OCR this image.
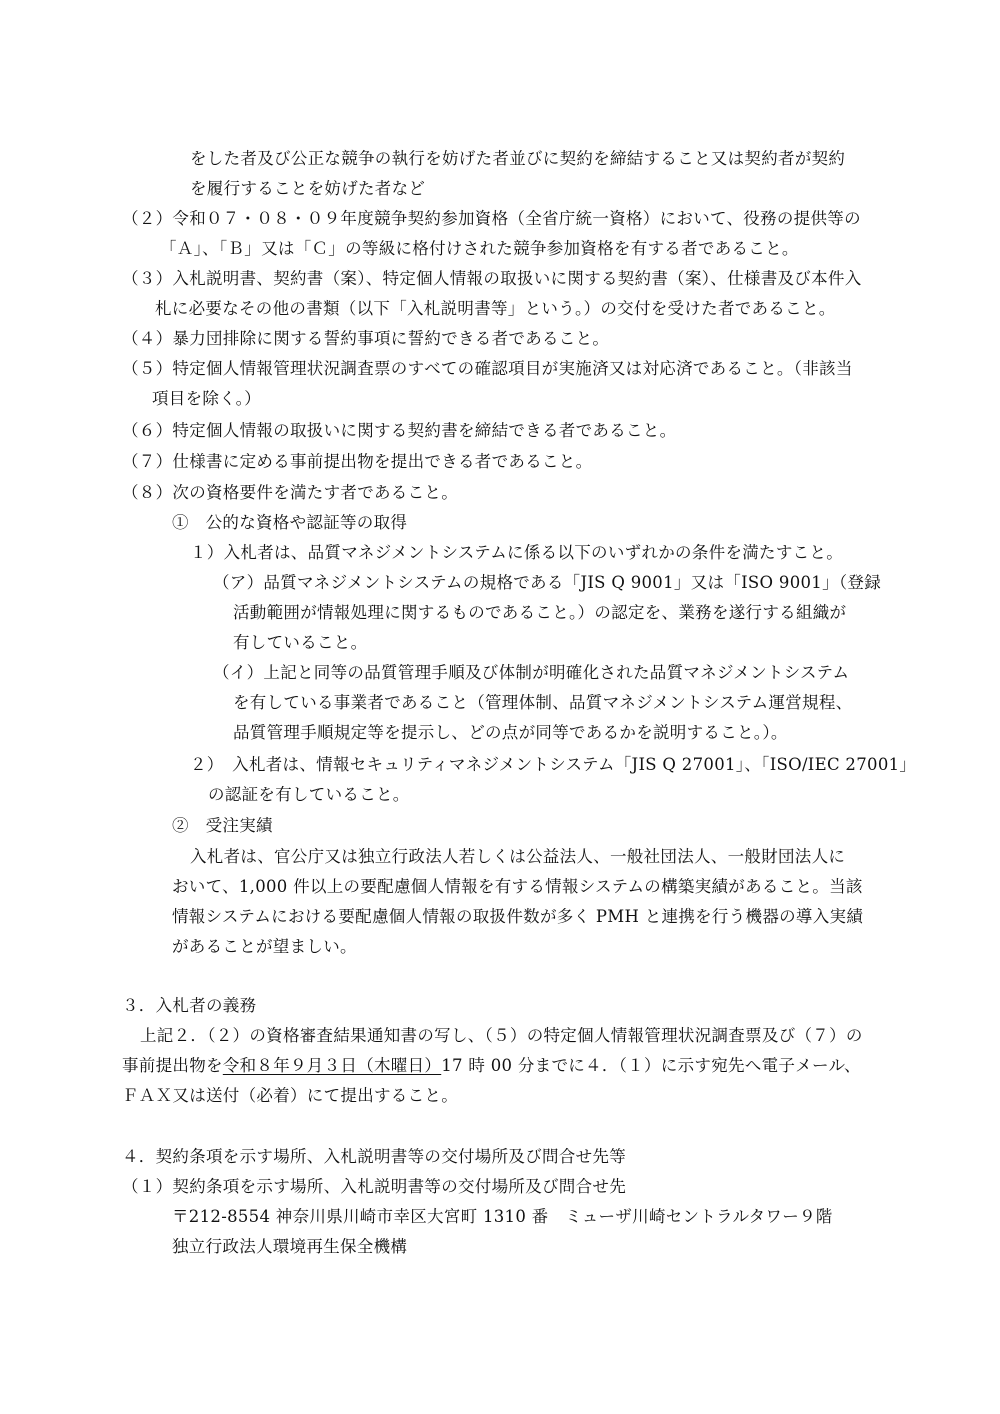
をした者及び公正な競争の執行を妨げた者並びに契約を締結すること又は契約者が契約
を履行することを妨げた者など
（２）令和０７・０８・０９年度競争契約参加資格（全省庁統一資格）において、役務の提供等の
「Ａ」、「Ｂ」又は「Ｃ」の等級に格付けされた競争参加資格を有する者であること。
（３）入札説明書、契約書（案）、特定個人情報の取扱いに関する契約書（案）、仕様書及び本件入
札に必要なその他の書類（以下「入札説明書等」という。）の交付を受けた者であること。
（４）暴力団排除に関する誓約事項に誓約できる者であること。
（５）特定個人情報管理状況調査票のすべての確認項目が実施済又は対応済であること。（非該当
項目を除く。）
（６）特定個人情報の取扱いに関する契約書を締結できる者であること。
（７）仕様書に定める事前提出物を提出できる者であること。
（８）次の資格要件を満たす者であること。
①　公的な資格や認証等の取得
１）入札者は、品質マネジメントシステムに係る以下のいずれかの条件を満たすこと。
（ア）品質マネジメントシステムの規格である「JIS Q 9001」又は「ISO 9001」（登録
活動範囲が情報処理に関するものであること。）の認定を、業務を遂行する組織が
有していること。
（イ）上記と同等の品質管理手順及び体制が明確化された品質マネジメントシステム
を有している事業者であること（管理体制、品質マネジメントシステム運営規程、
品質管理手順規定等を提示し、どの点が同等であるかを説明すること。）。
２）　入札者は、情報セキュリティマネジメントシステム「JIS Q 27001」、「ISO/IEC 27001」
の認証を有していること。
②　受注実績
入札者は、官公庁又は独立行政法人若しくは公益法人、一般社団法人、一般財団法人に
おいて、1,000 件以上の要配慮個人情報を有する情報システムの構築実績があること。当該
情報システムにおける要配慮個人情報の取扱件数が多く PMH と連携を行う機器の導入実績
があることが望ましい。
３．入札者の義務
上記２．（２）の資格審査結果通知書の写し、（５）の特定個人情報管理状況調査票及び（７）の
事前提出物を令和８年９月３日（木曜日）17 時 00 分までに４．（１）に示す宛先へ電子メール、
ＦＡＸ又は送付（必着）にて提出すること。
４．契約条項を示す場所、入札説明書等の交付場所及び問合せ先等
（１）契約条項を示す場所、入札説明書等の交付場所及び問合せ先
〒212-8554 神奈川県川崎市幸区大宮町 1310 番　ミューザ川崎セントラルタワー９階
独立行政法人環境再生保全機構
